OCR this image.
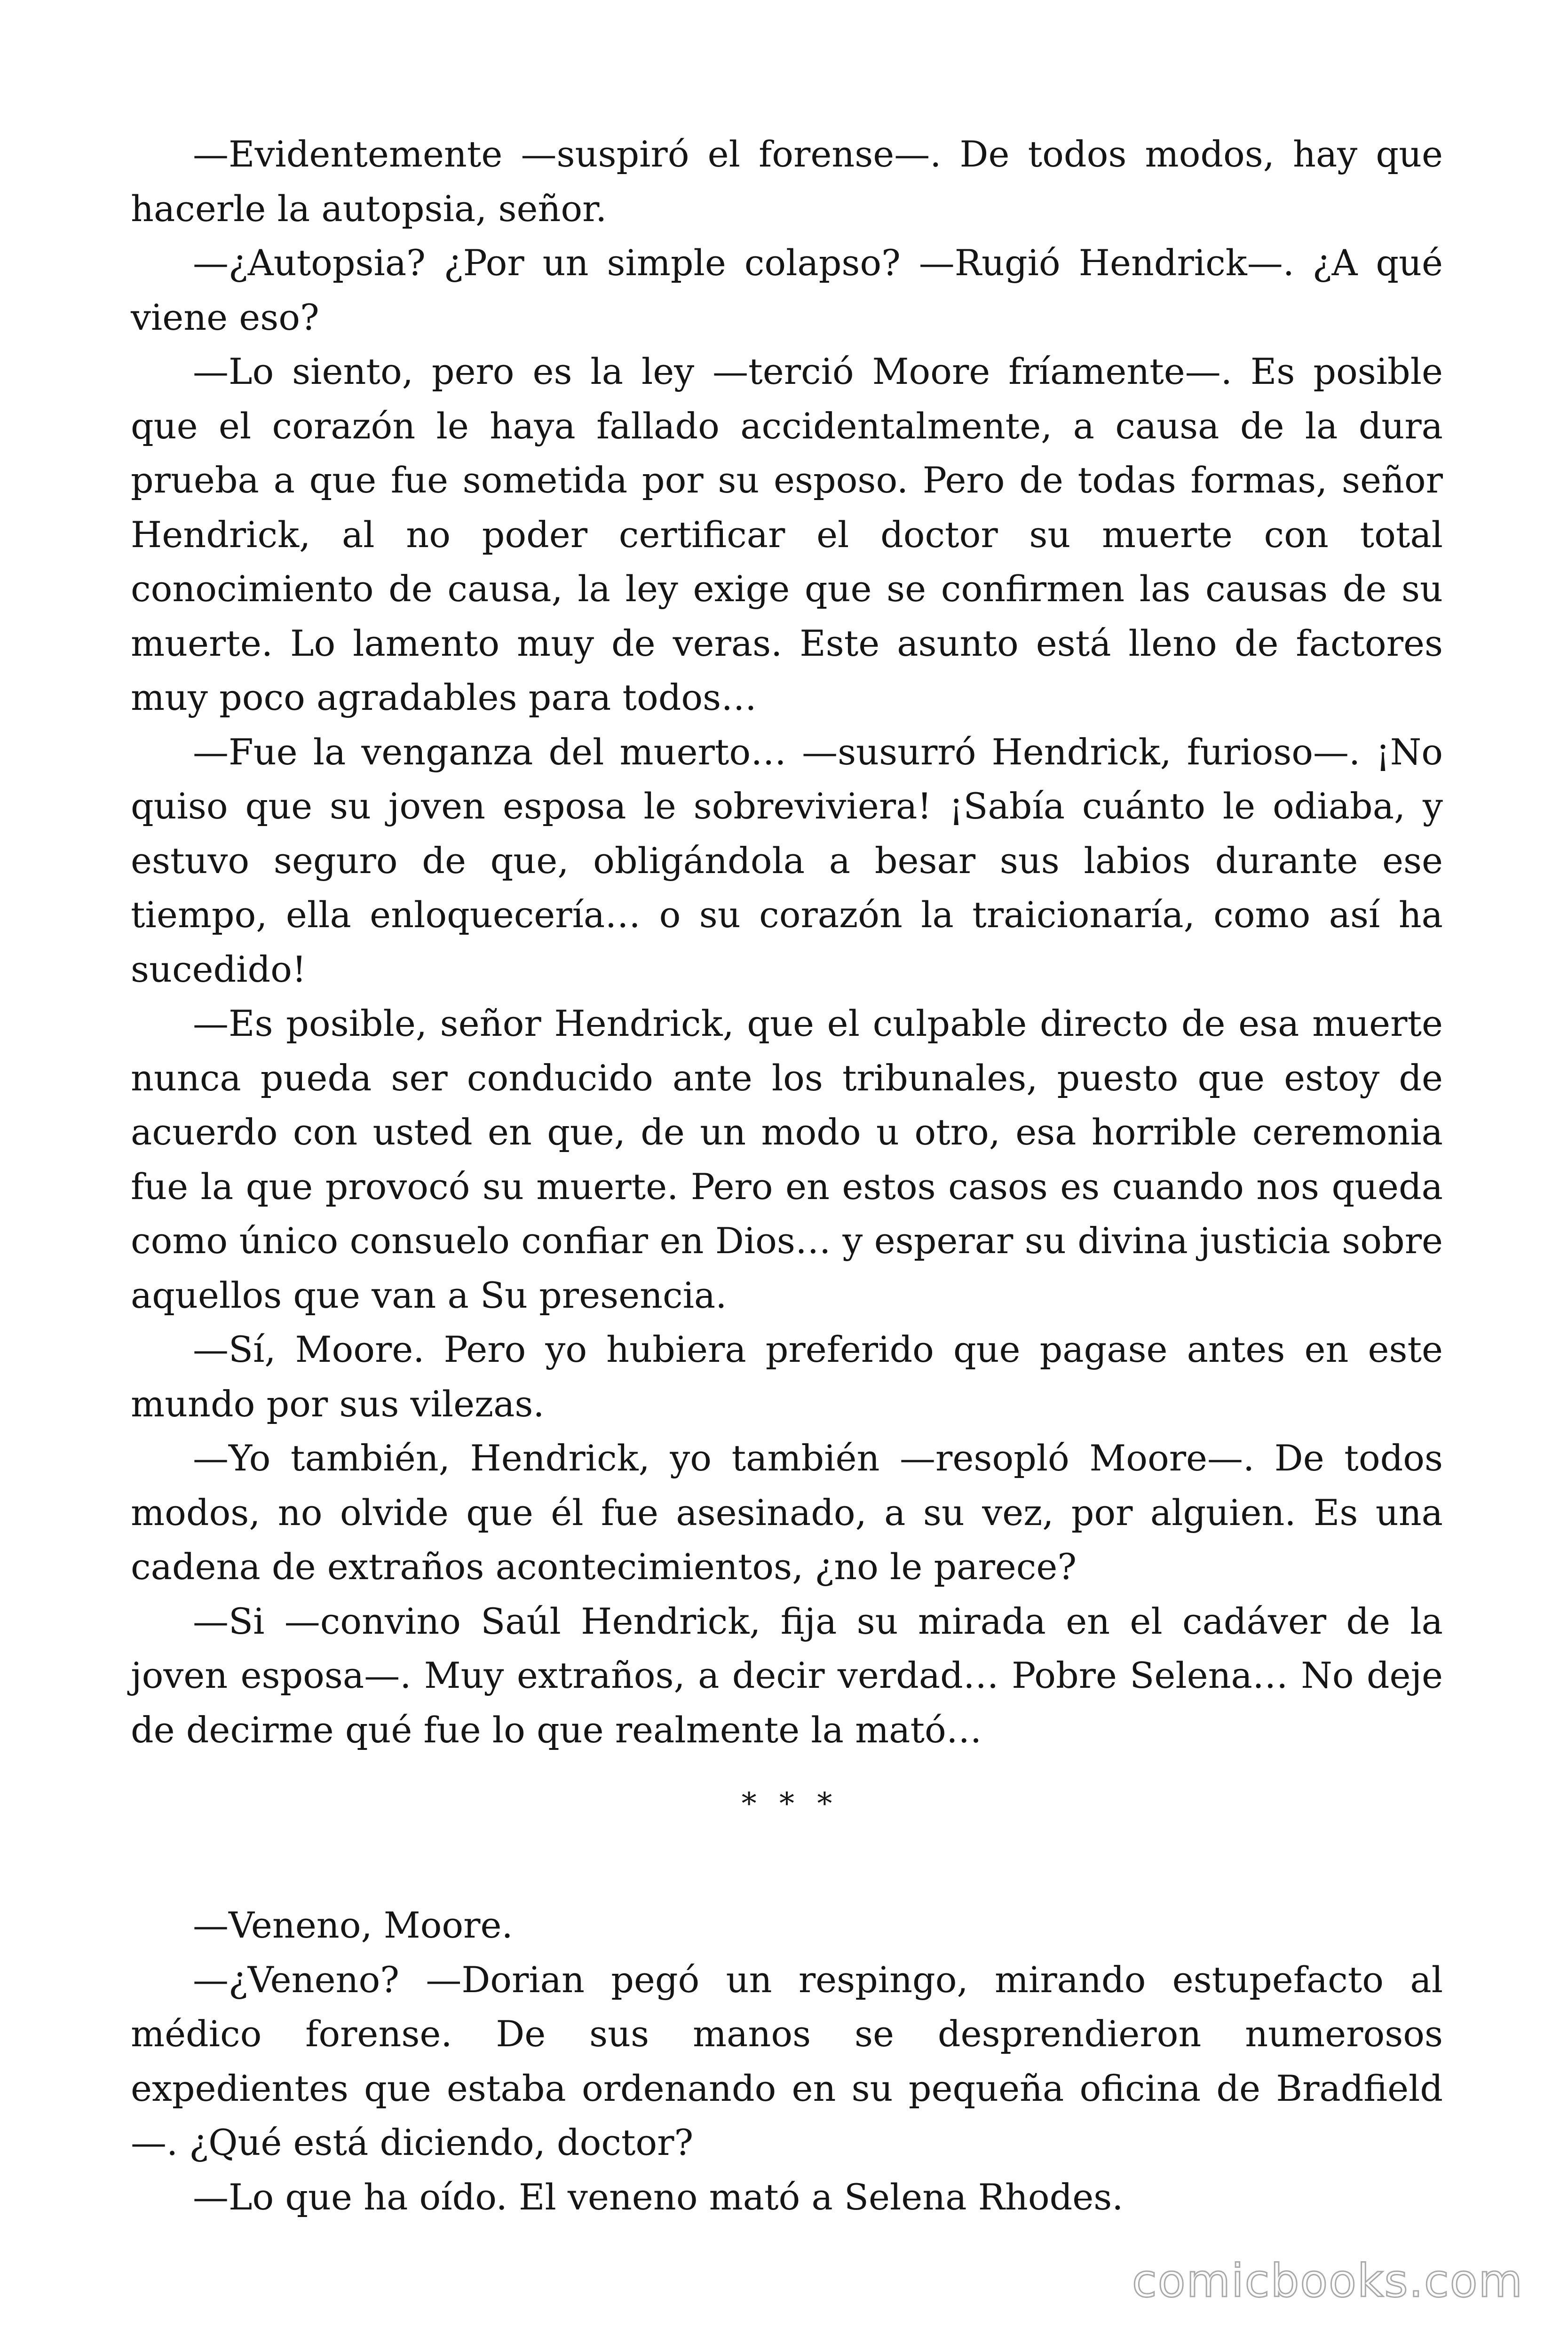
—Evidentemente —suspiró el forense—. De todos modos, hay que hacerle la autopsia, señor.

—¿Autopsia? ¿Por un simple colapso? —Rugió Hendrick—. ¿A qué viene eso?

—Lo siento, pero es la ley —terció Moore fríamente—. Es posible que el corazón le haya fallado accidentalmente, a causa de la dura prueba a que fue sometida por su esposo. Pero de todas formas, señor Hendrick, al no poder certificar el doctor su muerte con total conocimiento de causa, la ley exige que se confirmen las causas de su muerte. Lo lamento muy de veras. Este asunto está lleno de factores muy poco agradables para todos…

—Fue la venganza del muerto… —susurró Hendrick, furioso—. ¡No quiso que su joven esposa le sobreviviera! ¡Sabía cuánto le odiaba, y estuvo seguro de que, obligándola a besar sus labios durante ese tiempo, ella enloquecería… o su corazón la traicionaría, como así ha sucedido!

—Es posible, señor Hendrick, que el culpable directo de esa muerte nunca pueda ser conducido ante los tribunales, puesto que estoy de acuerdo con usted en que, de un modo u otro, esa horrible ceremonia fue la que provocó su muerte. Pero en estos casos es cuando nos queda como único consuelo confiar en Dios… y esperar su divina justicia sobre aquellos que van a Su presencia.

—Sí, Moore. Pero yo hubiera preferido que pagase antes en este mundo por sus vilezas.

—Yo también, Hendrick, yo también —resopló Moore—. De todos modos, no olvide que él fue asesinado, a su vez, por alguien. Es una cadena de extraños acontecimientos, ¿no le parece?

—Si —convino Saúl Hendrick, fija su mirada en el cadáver de la joven esposa—. Muy extraños, a decir verdad… Pobre Selena… No deje de decirme qué fue lo que realmente la mató…

* * *

—Veneno, Moore.

—¿Veneno? —Dorian pegó un respingo, mirando estupefacto al médico forense. De sus manos se desprendieron numerosos expedientes que estaba ordenando en su pequeña oficina de Bradfield—. ¿Qué está diciendo, doctor?

—Lo que ha oído. El veneno mató a Selena Rhodes.

comicbooks.com
